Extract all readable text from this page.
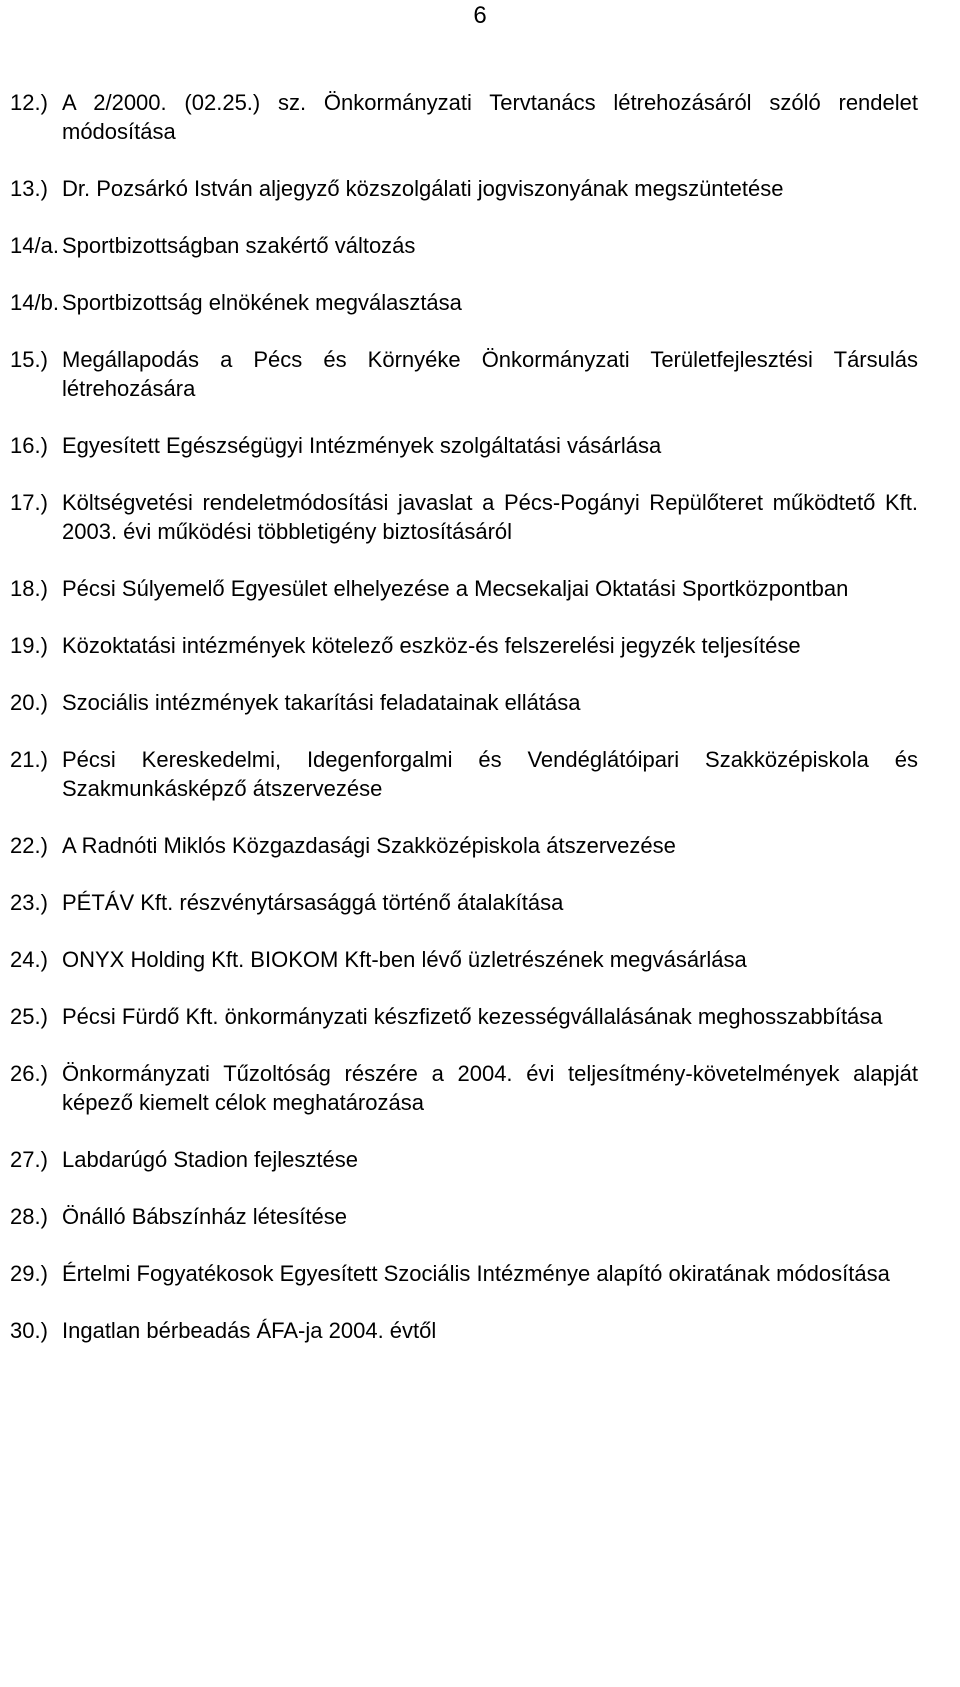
6
12.) A 2/2000. (02.25.) sz. Önkormányzati Tervtanács létrehozásáról szóló rendelet módosítása
13.) Dr. Pozsárkó István aljegyző közszolgálati jogviszonyának megszüntetése
14/a. Sportbizottságban szakértő változás
14/b. Sportbizottság elnökének megválasztása
15.) Megállapodás a Pécs és Környéke Önkormányzati Területfejlesztési Társulás létrehozására
16.) Egyesített Egészségügyi Intézmények szolgáltatási vásárlása
17.) Költségvetési rendeletmódosítási javaslat a Pécs-Pogányi Repülőteret működtető Kft. 2003. évi működési többletigény biztosításáról
18.) Pécsi Súlyemelő Egyesület elhelyezése a Mecsekaljai Oktatási Sportközpontban
19.) Közoktatási intézmények kötelező eszköz-és felszerelési jegyzék teljesítése
20.) Szociális intézmények takarítási feladatainak ellátása
21.) Pécsi Kereskedelmi, Idegenforgalmi és Vendéglátóipari Szakközépiskola és Szakmunkásképző átszervezése
22.) A Radnóti Miklós Közgazdasági Szakközépiskola átszervezése
23.) PÉTÁV Kft. részvénytársasággá történő átalakítása
24.) ONYX Holding Kft. BIOKOM Kft-ben lévő üzletrészének megvásárlása
25.) Pécsi Fürdő Kft. önkormányzati készfizető kezességvállalásának meghosszabbítása
26.) Önkormányzati Tűzoltóság részére a 2004. évi teljesítmény-követelmények alapját képező kiemelt célok meghatározása
27.) Labdarúgó Stadion fejlesztése
28.) Önálló Bábszínház létesítése
29.) Értelmi Fogyatékosok Egyesített Szociális Intézménye alapító okiratának módosítása
30.) Ingatlan bérbeadás ÁFA-ja 2004. évtől
